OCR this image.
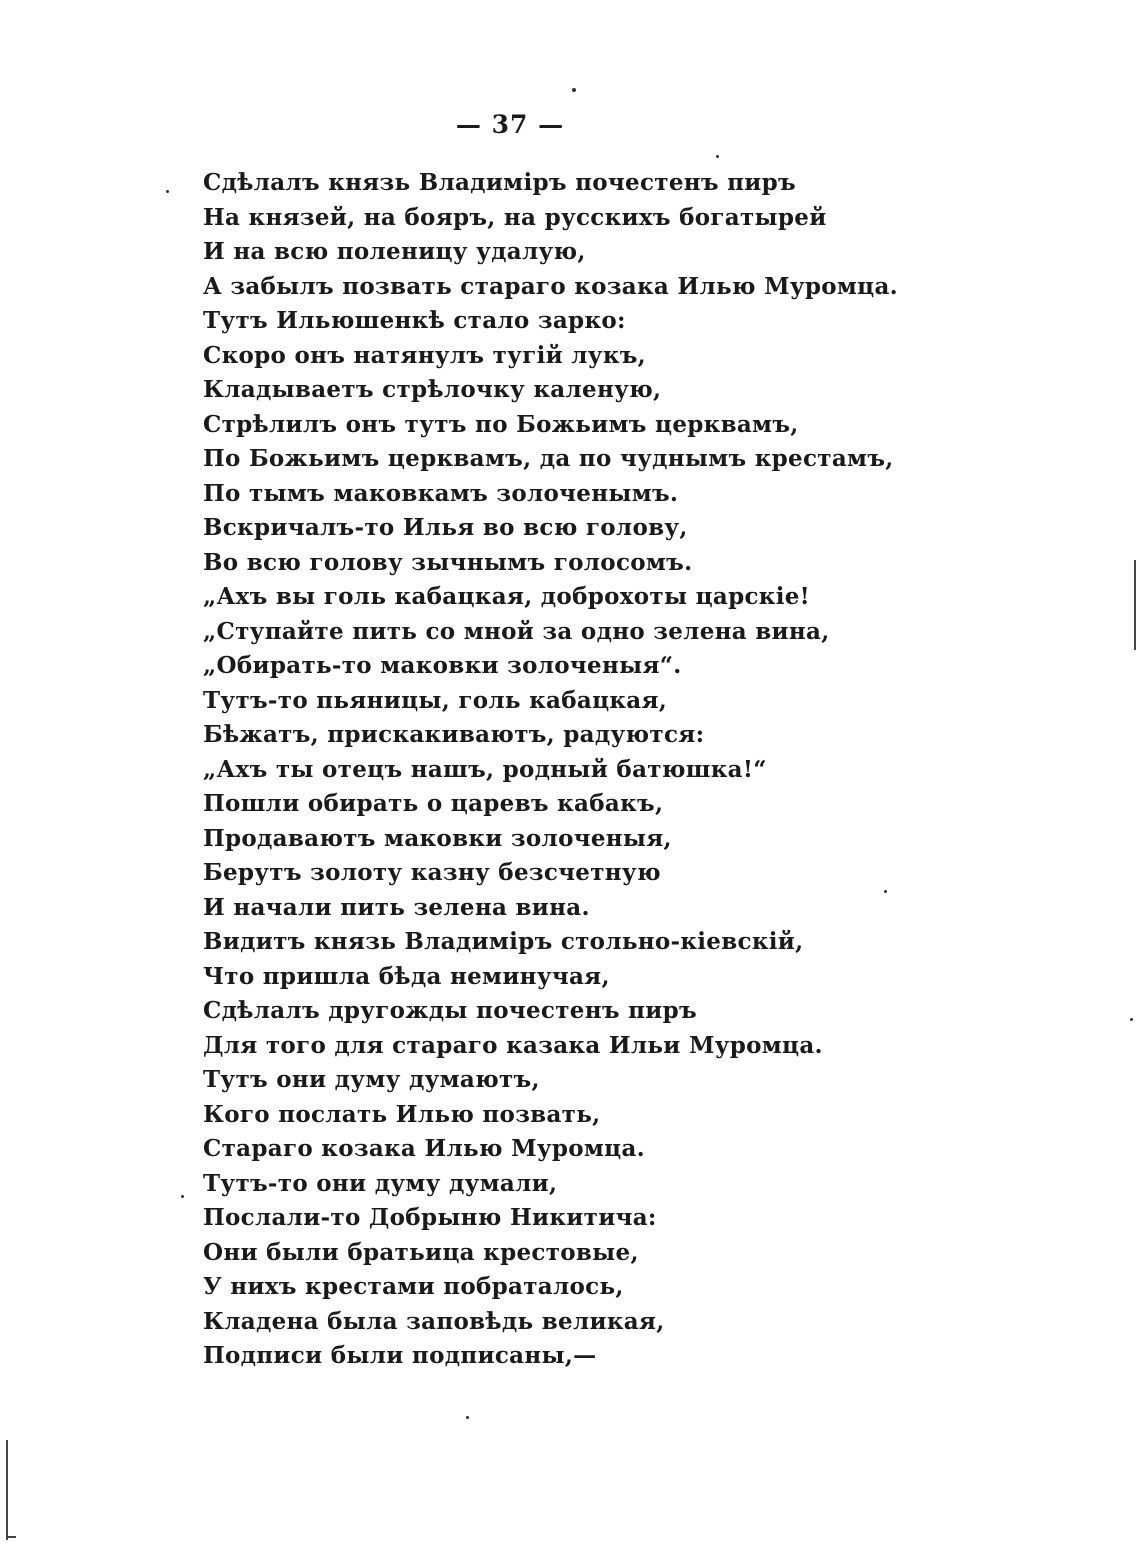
— 37 —
Сдѣлалъ князь Владиміръ почестенъ пиръ
На князей, на бояръ, на русскихъ богатырей
И на всю поленицу удалую,
А забылъ позвать стараго козака Илью Муромца.
Тутъ Ильюшенкѣ стало зарко:
Скоро онъ натянулъ тугій лукъ,
Кладываетъ стрѣлочку каленую,
Стрѣлилъ онъ тутъ по Божьимъ церквамъ,
По Божьимъ церквамъ, да по чуднымъ крестамъ,
По тымъ маковкамъ золоченымъ.
Вскричалъ-то Илья во всю голову,
Во всю голову зычнымъ голосомъ.
„Ахъ вы голь кабацкая, доброхоты царскіе!
„Ступайте пить со мной за одно зелена вина,
„Обирать-то маковки золоченыя“.
Тутъ-то пьяницы, голь кабацкая,
Бѣжатъ, прискакиваютъ, радуются:
„Ахъ ты отецъ нашъ, родный батюшка!“
Пошли обирать о царевъ кабакъ,
Продаваютъ маковки золоченыя,
Берутъ золоту казну безсчетную
И начали пить зелена вина.
Видитъ князь Владиміръ стольно-кіевскій,
Что пришла бѣда неминучая,
Сдѣлалъ другожды почестенъ пиръ
Для того для стараго казака Ильи Муромца.
Тутъ они думу думаютъ,
Кого послать Илью позвать,
Стараго козака Илью Муромца.
Тутъ-то они думу думали,
Послали-то Добрыню Никитича:
Они были братьица крестовые,
У нихъ крестами побраталось,
Кладена была заповѣдь великая,
Подписи были подписаны,—
